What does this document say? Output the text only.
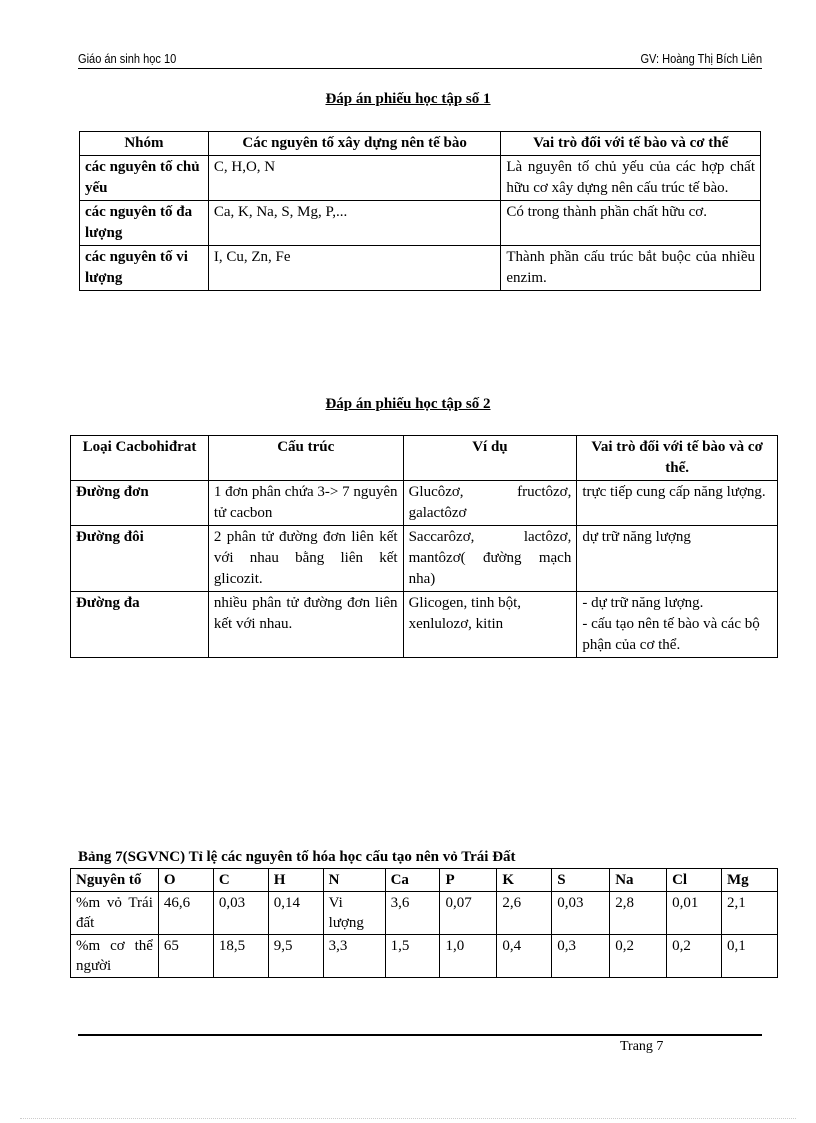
Giáo án sinh học 10	GV: Hoàng Thị Bích Liên
Đáp án phiếu học tập số 1
Nhóm	Các nguyên tố xây dựng nên tế bào	Vai trò đối với tế bào và cơ thể
các nguyên tố chủ yếu	C, H,O, N	Là nguyên tố chủ yếu của các hợp chất hữu cơ xây dựng nên cấu trúc tế bào.
các nguyên tố đa lượng	Ca, K, Na, S, Mg, P,...	Có trong thành phần chất hữu cơ.
các nguyên tố vi lượng	I, Cu, Zn, Fe	Thành phần cấu trúc bắt buộc của nhiều enzim.
Đáp án phiếu học tập số 2
Loại Cacbohiđrat	Cấu trúc	Ví dụ	Vai trò đối với tế bào và cơ thể.
Đường đơn	1 đơn phân chứa 3-> 7 nguyên tử cacbon	Glucôzơ, fructôzơ, galactôzơ	trực tiếp cung cấp năng lượng.
Đường đôi	2 phân tử đường đơn liên kết với nhau bằng liên kết glicozit.	Saccarôzơ, lactôzơ, mantôzơ( đường mạch nha)	dự trữ năng lượng
Đường đa	nhiều phân tử đường đơn liên kết với nhau.	Glicogen, tinh bột, xenlulozơ, kitin	- dự trữ năng lượng.
- cấu tạo nên tế bào và các bộ phận của cơ thể.
Bảng 7(SGVNC) Tỉ lệ các nguyên tố hóa học cấu tạo nên vỏ Trái Đất
Nguyên tố	O	C	H	N	Ca	P	K	S	Na	Cl	Mg
%m vỏ Trái đất	46,6	0,03	0,14	Vi lượng	3,6	0,07	2,6	0,03	2,8	0,01	2,1
%m cơ thể người	65	18,5	9,5	3,3	1,5	1,0	0,4	0,3	0,2	0,2	0,1
Trang 7
